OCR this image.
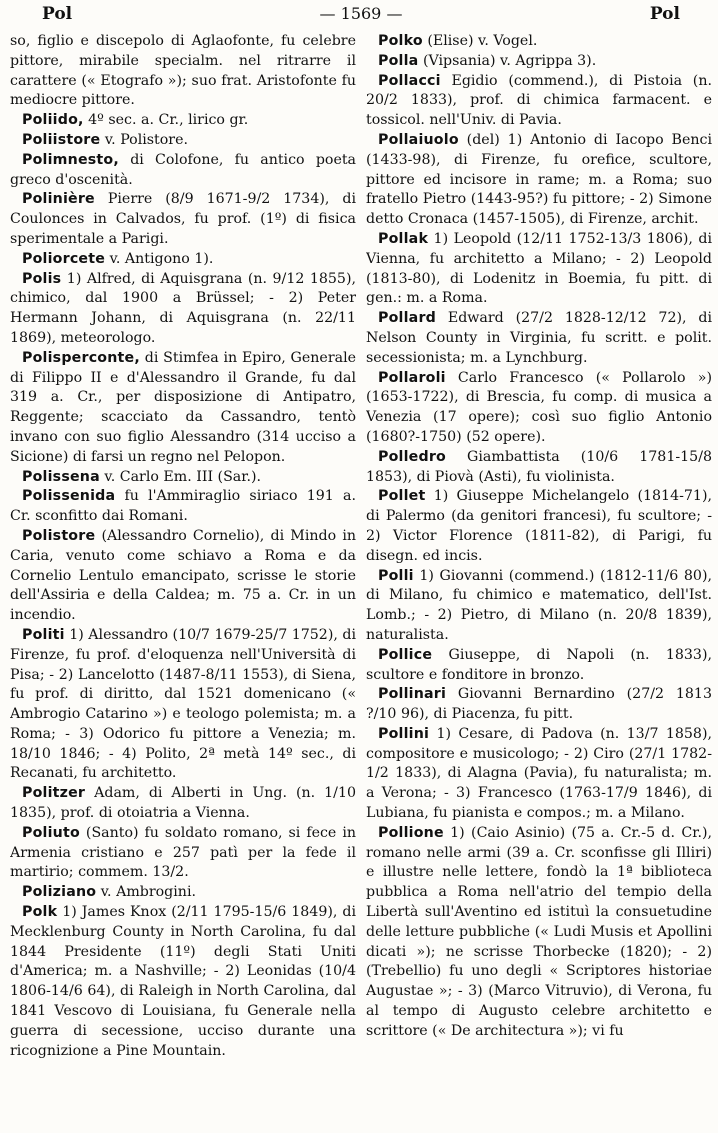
Pol	— 1569 —	Pol

so, figlio e discepolo di Aglaofonte, fu celebre pittore, mirabile specialm. nel ritrarre il carattere (« Etografo »); suo frat. Aristofonte fu mediocre pittore.

Poliido, 4º sec. a. Cr., lirico gr.

Poliistore v. Polistore.

Polimnesto, di Colofone, fu antico poeta greco d'oscenità.

Polinière Pierre (8/9 1671-9/2 1734), di Coulonces in Calvados, fu prof. (1º) di fisica sperimentale a Parigi.

Poliorcete v. Antigono 1).

Polis 1) Alfred, di Aquisgrana (n. 9/12 1855), chimico, dal 1900 a Brüssel; - 2) Peter Hermann Johann, di Aquisgrana (n. 22/11 1869), meteorologo.

Polisperconte, di Stimfea in Epiro, Generale di Filippo II e d'Alessandro il Grande, fu dal 319 a. Cr., per disposizione di Antipatro, Reggente; scacciato da Cassandro, tentò invano con suo figlio Alessandro (314 ucciso a Sicione) di farsi un regno nel Pelopon.

Polissena v. Carlo Em. III (Sar.).

Polissenida fu l'Ammiraglio siriaco 191 a. Cr. sconfitto dai Romani.

Polistore (Alessandro Cornelio), di Mindo in Caria, venuto come schiavo a Roma e da Cornelio Lentulo emancipato, scrisse le storie dell'Assiria e della Caldea; m. 75 a. Cr. in un incendio.

Politi 1) Alessandro (10/7 1679-25/7 1752), di Firenze, fu prof. d'eloquenza nell'Università di Pisa; - 2) Lancelotto (1487-8/11 1553), di Siena, fu prof. di diritto, dal 1521 domenicano (« Ambrogio Catarino ») e teologo polemista; m. a Roma; - 3) Odorico fu pittore a Venezia; m. 18/10 1846; - 4) Polito, 2ª metà 14º sec., di Recanati, fu architetto.

Politzer Adam, di Alberti in Ung. (n. 1/10 1835), prof. di otoiatria a Vienna.

Poliuto (Santo) fu soldato romano, si fece in Armenia cristiano e 257 patì per la fede il martirio; commem. 13/2.

Poliziano v. Ambrogini.

Polk 1) James Knox (2/11 1795-15/6 1849), di Mecklenburg County in North Carolina, fu dal 1844 Presidente (11º) degli Stati Uniti d'America; m. a Nashville; - 2) Leonidas (10/4 1806-14/6 64), di Raleigh in North Carolina, dal 1841 Vescovo di Louisiana, fu Generale nella guerra di secessione, ucciso durante una ricognizione a Pine Mountain.

Polko (Elise) v. Vogel.

Polla (Vipsania) v. Agrippa 3).

Pollacci Egidio (commend.), di Pistoia (n. 20/2 1833), prof. di chimica farmacent. e tossicol. nell'Univ. di Pavia.

Pollaiuolo (del) 1) Antonio di Iacopo Benci (1433-98), di Firenze, fu orefice, scultore, pittore ed incisore in rame; m. a Roma; suo fratello Pietro (1443-95?) fu pittore; - 2) Simone detto Cronaca (1457-1505), di Firenze, archit.

Pollak 1) Leopold (12/11 1752-13/3 1806), di Vienna, fu architetto a Milano; - 2) Leopold (1813-80), di Lodenitz in Boemia, fu pitt. di gen.: m. a Roma.

Pollard Edward (27/2 1828-12/12 72), di Nelson County in Virginia, fu scritt. e polit. secessionista; m. a Lynchburg.

Pollaroli Carlo Francesco (« Pollarolo ») (1653-1722), di Brescia, fu comp. di musica a Venezia (17 opere); così suo figlio Antonio (1680?-1750) (52 opere).

Polledro Giambattista (10/6 1781-15/8 1853), di Piovà (Asti), fu violinista.

Pollet 1) Giuseppe Michelangelo (1814-71), di Palermo (da genitori francesi), fu scultore; - 2) Victor Florence (1811-82), di Parigi, fu disegn. ed incis.

Polli 1) Giovanni (commend.) (1812-11/6 80), di Milano, fu chimico e matematico, dell'Ist. Lomb.; - 2) Pietro, di Milano (n. 20/8 1839), naturalista.

Pollice Giuseppe, di Napoli (n. 1833), scultore e fonditore in bronzo.

Pollinari Giovanni Bernardino (27/2 1813 ?/10 96), di Piacenza, fu pitt.

Pollini 1) Cesare, di Padova (n. 13/7 1858), compositore e musicologo; - 2) Ciro (27/1 1782-1/2 1833), di Alagna (Pavia), fu naturalista; m. a Verona; - 3) Francesco (1763-17/9 1846), di Lubiana, fu pianista e compos.; m. a Milano.

Pollione 1) (Caio Asinio) (75 a. Cr.-5 d. Cr.), romano nelle armi (39 a. Cr. sconfisse gli Illiri) e illustre nelle lettere, fondò la 1ª biblioteca pubblica a Roma nell'atrio del tempio della Libertà sull'Aventino ed istituì la consuetudine delle letture pubbliche (« Ludi Musis et Apollini dicati »); ne scrisse Thorbecke (1820); - 2) (Trebellio) fu uno degli « Scriptores historiae Augustae »; - 3) (Marco Vitruvio), di Verona, fu al tempo di Augusto celebre architetto e scrittore (« De architectura »); vi fu
